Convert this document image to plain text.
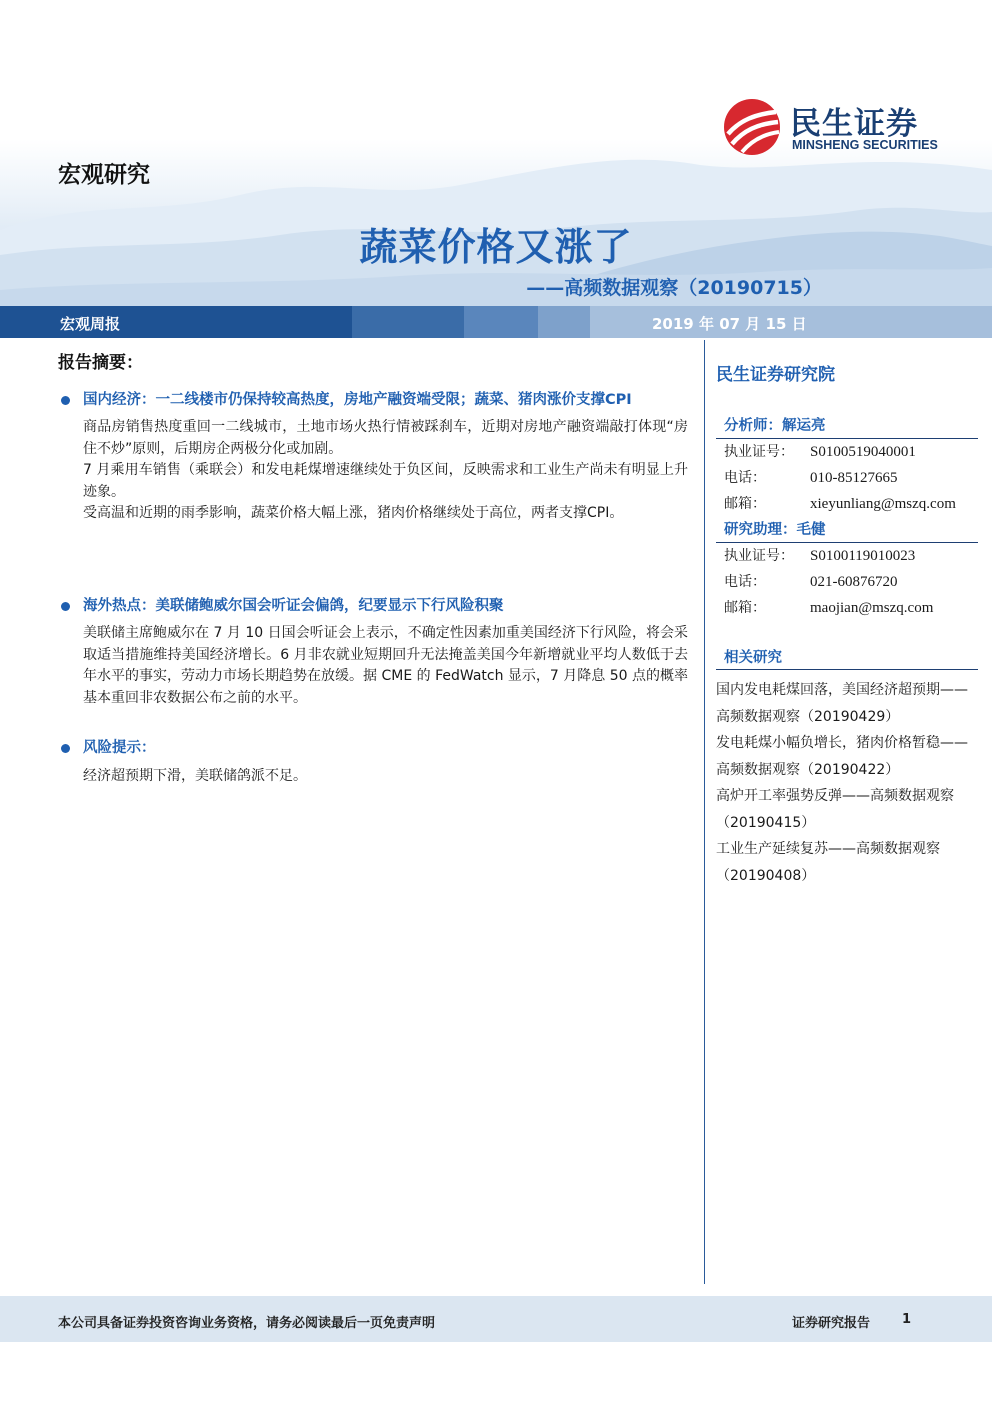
民生证券
MINSHENG SECURITIES
宏观研究
蔬菜价格又涨了
——高频数据观察（20190715）
宏观周报	2019 年 07 月 15 日
报告摘要：
国内经济：一二线楼市仍保持较高热度，房地产融资端受限；蔬菜、猪肉涨价支撑CPI

商品房销售热度重回一二线城市，土地市场火热行情被踩刹车，近期对房地产融资端敲打体现“房住不炒”原则，后期房企两极分化或加剧。

7 月乘用车销售（乘联会）和发电耗煤增速继续处于负区间，反映需求和工业生产尚未有明显上升迹象。

受高温和近期的雨季影响，蔬菜价格大幅上涨，猪肉价格继续处于高位，两者支撑CPI。

海外热点：美联储鲍威尔国会听证会偏鸽，纪要显示下行风险积聚

美联储主席鲍威尔在 7 月 10 日国会听证会上表示，不确定性因素加重美国经济下行风险，将会采取适当措施维持美国经济增长。6 月非农就业短期回升无法掩盖美国今年新增就业平均人数低于去年水平的事实，劳动力市场长期趋势在放缓。据 CME 的 FedWatch 显示，7 月降息 50 点的概率基本重回非农数据公布之前的水平。

风险提示：

经济超预期下滑，美联储鸽派不足。

民生证券研究院
分析师：解运亮
执业证号：	S0100519040001
电话：	010-85127665
邮箱：	xieyunliang@mszq.com
研究助理：毛健
执业证号：	S0100119010023
电话：	021-60876720
邮箱：	maojian@mszq.com
相关研究
国内发电耗煤回落，美国经济超预期——高频数据观察（20190429）
发电耗煤小幅负增长，猪肉价格暂稳——高频数据观察（20190422）
高炉开工率强势反弹——高频数据观察（20190415）
工业生产延续复苏——高频数据观察（20190408）
本公司具备证券投资咨询业务资格，请务必阅读最后一页免责声明	证券研究报告 1
